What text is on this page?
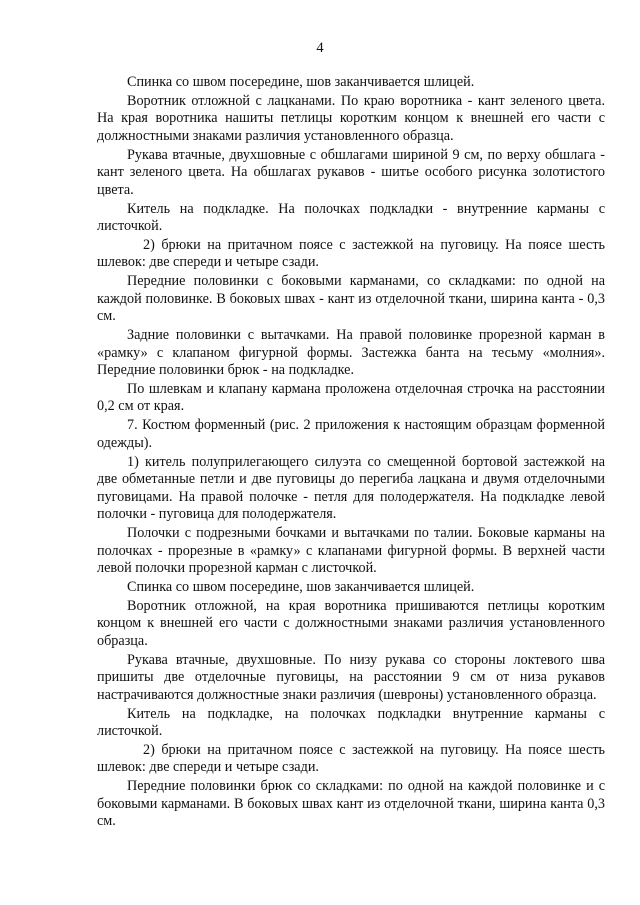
4

Спинка со швом посередине, шов заканчивается шлицей.

Воротник отложной с лацканами. По краю воротника - кант зеленого цвета. На края воротника нашиты петлицы коротким концом к внешней его части с должностными знаками различия установленного образца.

Рукава втачные, двухшовные с обшлагами шириной 9 см, по верху обшлага - кант зеленого цвета. На обшлагах рукавов - шитье особого рисунка золотистого цвета.

Китель на подкладке. На полочках подкладки - внутренние карманы с листочкой.

2) брюки на притачном поясе с застежкой на пуговицу. На поясе шесть шлевок: две спереди и четыре сзади.

Передние половинки с боковыми карманами, со складками: по одной на каждой половинке. В боковых швах - кант из отделочной ткани, ширина канта - 0,3 см.

Задние половинки с вытачками. На правой половинке прорезной карман в «рамку» с клапаном фигурной формы. Застежка банта на тесьму «молния». Передние половинки брюк - на подкладке.

По шлевкам и клапану кармана проложена отделочная строчка на расстоянии 0,2 см от края.

7. Костюм форменный (рис. 2 приложения к настоящим образцам форменной одежды).

1) китель полуприлегающего силуэта со смещенной бортовой застежкой на две обметанные петли и две пуговицы до перегиба лацкана и двумя отделочными пуговицами. На правой полочке - петля для полодержателя. На подкладке левой полочки - пуговица для полодержателя.

Полочки с подрезными бочками и вытачками по талии. Боковые карманы на полочках - прорезные в «рамку» с клапанами фигурной формы. В верхней части левой полочки прорезной карман с листочкой.

Спинка со швом посередине, шов заканчивается шлицей.

Воротник отложной, на края воротника пришиваются петлицы коротким концом к внешней его части с должностными знаками различия установленного образца.

Рукава втачные, двухшовные. По низу рукава со стороны локтевого шва пришиты две отделочные пуговицы, на расстоянии 9 см от низа рукавов настрачиваются должностные знаки различия (шевроны) установленного образца.

Китель на подкладке, на полочках подкладки внутренние карманы с листочкой.

2) брюки на притачном поясе с застежкой на пуговицу. На поясе шесть шлевок: две спереди и четыре сзади.

Передние половинки брюк со складками: по одной на каждой половинке и с боковыми карманами. В боковых швах кант из отделочной ткани, ширина канта 0,3 см.
